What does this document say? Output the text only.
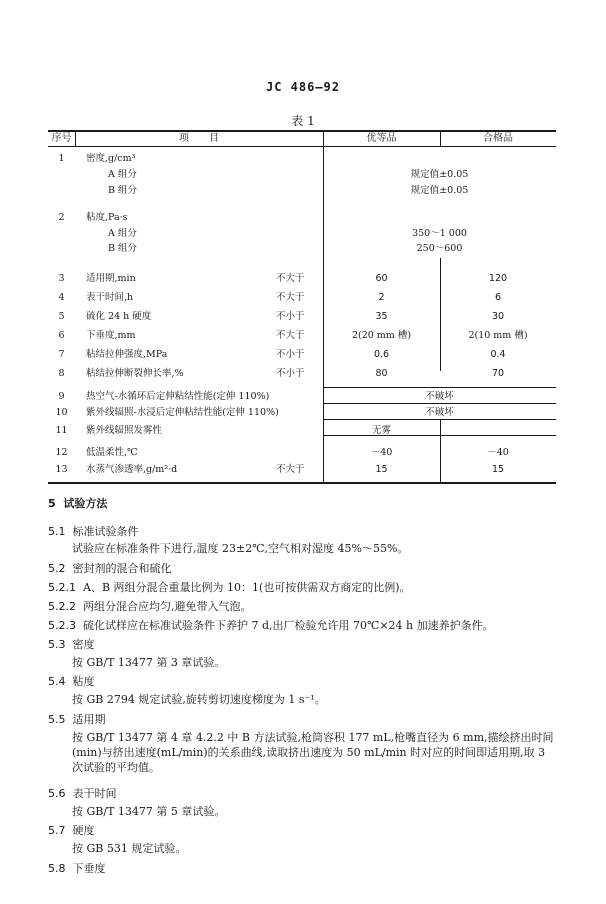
JC 486—92
表 1
序号	项　　目	优等品	合格品
1	密度,g/cm³
A 组分	规定值±0.05
B 组分	规定值±0.05
2	粘度,Pa·s
A 组分	350～1 000
B 组分	250～600
3	适用期,min	不大于	60	120
4	表干时间,h	不大于	2	6
5	硫化 24 h 硬度	不小于	35	30
6	下垂度,mm	不大于	2(20 mm 槽)	2(10 mm 槽)
7	粘结拉伸强度,MPa	不小于	0.6	0.4
8	粘结拉伸断裂伸长率,%	不小于	80	70
9	热空气-水循环后定伸粘结性能(定伸 110%)	不破坏
10	紫外线辐照-水浸后定伸粘结性能(定伸 110%)	不破坏
11	紫外线辐照发雾性	无雾
12	低温柔性,℃	－40	－40
13	水蒸气渗透率,g/m²·d	不大于	15	15
5 试验方法
5.1 标准试验条件
试验应在标准条件下进行,温度 23±2℃,空气相对湿度 45%～55%。
5.2 密封剂的混合和硫化
5.2.1 A、B 两组分混合重量比例为 10：1(也可按供需双方商定的比例)。
5.2.2 两组分混合应均匀,避免带入气泡。
5.2.3 硫化试样应在标准试验条件下养护 7 d,出厂检验允许用 70℃×24 h 加速养护条件。
5.3 密度
按 GB/T 13477 第 3 章试验。
5.4 粘度
按 GB 2794 规定试验,旋转剪切速度梯度为 1 s⁻¹。
5.5 适用期
按 GB/T 13477 第 4 章 4.2.2 中 B 方法试验,枪筒容积 177 mL,枪嘴直径为 6 mm,描绘挤出时间(min)与挤出速度(mL/min)的关系曲线,读取挤出速度为 50 mL/min 时对应的时间即适用期,取 3 次试验的平均值。
5.6 表干时间
按 GB/T 13477 第 5 章试验。
5.7 硬度
按 GB 531 规定试验。
5.8 下垂度
